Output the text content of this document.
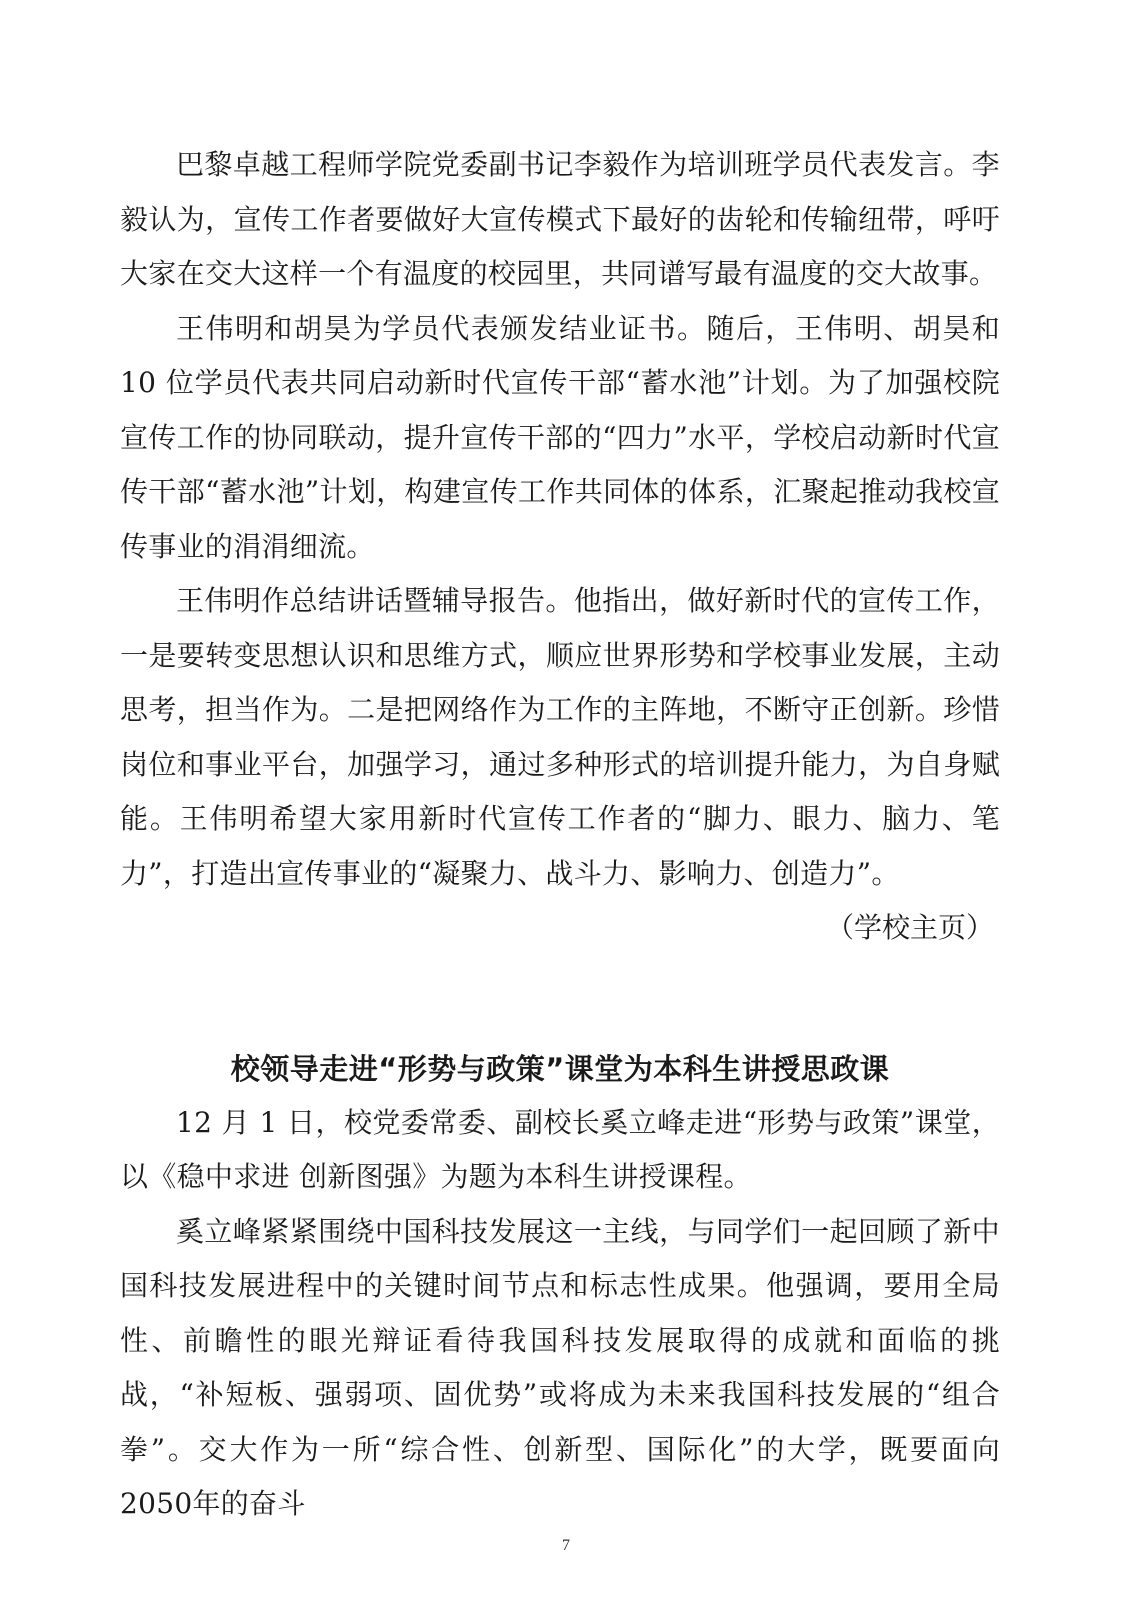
巴黎卓越工程师学院党委副书记李毅作为培训班学员代表发言。李毅认为，宣传工作者要做好大宣传模式下最好的齿轮和传输纽带，呼吁大家在交大这样一个有温度的校园里，共同谱写最有温度的交大故事。

王伟明和胡昊为学员代表颁发结业证书。随后，王伟明、胡昊和 10 位学员代表共同启动新时代宣传干部“蓄水池”计划。为了加强校院宣传工作的协同联动，提升宣传干部的“四力”水平，学校启动新时代宣传干部“蓄水池”计划，构建宣传工作共同体的体系，汇聚起推动我校宣传事业的涓涓细流。

王伟明作总结讲话暨辅导报告。他指出，做好新时代的宣传工作，一是要转变思想认识和思维方式，顺应世界形势和学校事业发展，主动思考，担当作为。二是把网络作为工作的主阵地，不断守正创新。珍惜岗位和事业平台，加强学习，通过多种形式的培训提升能力，为自身赋能。王伟明希望大家用新时代宣传工作者的“脚力、眼力、脑力、笔力”，打造出宣传事业的“凝聚力、战斗力、影响力、创造力”。

（学校主页）

校领导走进“形势与政策”课堂为本科生讲授思政课

12 月 1 日，校党委常委、副校长奚立峰走进“形势与政策”课堂，以《稳中求进 创新图强》为题为本科生讲授课程。

奚立峰紧紧围绕中国科技发展这一主线，与同学们一起回顾了新中国科技发展进程中的关键时间节点和标志性成果。他强调，要用全局性、前瞻性的眼光辩证看待我国科技发展取得的成就和面临的挑战，“补短板、强弱项、固优势”或将成为未来我国科技发展的“组合拳”。交大作为一所“综合性、创新型、国际化”的大学，既要面向2050年的奋斗

7
